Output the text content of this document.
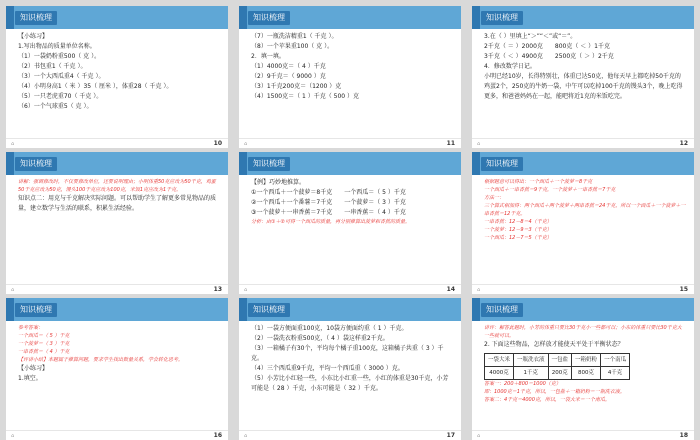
知识梳理
【小练习】
1.写出物品的质量单位名称。
（1）一袋奶粉重500（ 克 ）。
（2）书包重1（ 千克 ）。
（3）一个大西瓜重4（ 千克 ）。
（4）小明身高1（ 米 ）35（ 厘米 ），体重28（ 千克 ）。
（5）一只老虎重70（ 千克 ）。
（6）一个气球重5（ 克 ）。
⌂	10
知识梳理
（7）一瓶洗洁精重1（ 千克 ）。
（8）一个苹果重100（ 克 ）。
2．填一填。
（1）4000克＝（ 4 ）千克
（2）9千克＝（ 9000 ）克
（3）1千克200克＝（1200 ）克
（4）1500克＝（ 1 ）千克（ 500 ）克
⌂	11
知识梳理
3.在（ ）里填上“＞”“＜”或“＝”。
2千克（ ＝ ）2000克　　800克（ ＜ ）1千克
3千克（ ＜ ）4900克　　2500克（ ＞ ）2千克
4．修改数学日记。
小明已经10岁，长得特别壮，体重已达50克，他每天早上都吃掉50千克的鸡蛋2个，250克的牛奶一袋，中午可以吃掉100千克的馒头3个，晚上吃得更多，和爸爸妈妈在一起，能吧将近1克的米饭吃完。
⌂	12
知识梳理
讲解：强调修改时，不仅要修改单位，还要说明理由；小明体重50克应改为50千克，鸡蛋50千克应改为50克，馒头100千克应改为100克，米饭1克应改为1千克。
知识点二：用克与千克解决实际问题。可以帮助学生了解更多常见物品的质量，建立数学与生活的联系，积累生活经验。
⌂	13
知识梳理
【例】巧妙地推算。
①一个西瓜＋一个菠萝＝8千克　　一个西瓜＝（ 5 ）千克
②一个西瓜＋一个番薯＝7千克　　一个菠萝＝（ 3 ）千克
③一个菠萝＋一串香蕉＝7千克　　一串香蕉＝（ 4 ）千克
分析：由①＋②可得一个西瓜的质量，再分别推算出菠萝和香蕉的质量。
⌂	14
知识梳理
根据题意可以得出：一个西瓜＋一个菠萝＝8千克
一个西瓜＋一串香蕉＝9千克，一个菠萝＋一串香蕉＝7千克
方法一：
三个算式相加得：两个西瓜＋两个菠萝＋两串香蕉＝24千克，所以一个西瓜＋一个菠萝＋一串香蕉＝12千克。
一串香蕉：12－8＝4（千克）
一个菠萝：12－9＝3（千克）
一个西瓜：12－7＝5（千克）
⌂	15
知识梳理
参考答案：
一个西瓜＝（ 5 ）千克
一个菠萝＝（ 3 ）千克
一串香蕉＝（ 4 ）千克
【评讲小结】本题属于推算问题，要求学生找出数量关系，学会转化思考。
【小练习】
1.填空。
⌂	16
知识梳理
（1）一袋方便面重100克，10袋方便面约重（ 1 ）千克。
（2）一袋洗衣粉重500克，（ 4 ）袋这样重2千克。
（3）一箱橘子有30个，平均每个橘子重100克，这箱橘子共重（ 3 ）千克。
（4）三个西瓜重9千克，平均一个西瓜重（ 3000 ）克。
（5）小芳比小红轻一些，小东比小红重一些，小红的体重是30千克，小芳可能是（ 28 ）千克，小东可能是（ 32 ）千克。
⌂	17
知识梳理
讲评：解答此题时，小芳的体重只要比30千克小一些都可以；小东的体重只要比30千克大一些就可以。
2. 下面这些物品，怎样放才能使天平处于平衡状态？
一袋大米	一瓶洗衣液	一包盐	一箱奶粉	一个南瓜
4000克	1千克	200克	800克	4千克
答案一：200＋800＝1000（克）
即：1000克＝1千克，所以，一包盐＋一箱奶粉＝一瓶洗衣液。
答案二：4千克＝4000克，所以，一袋大米＝一个南瓜。
⌂	18
